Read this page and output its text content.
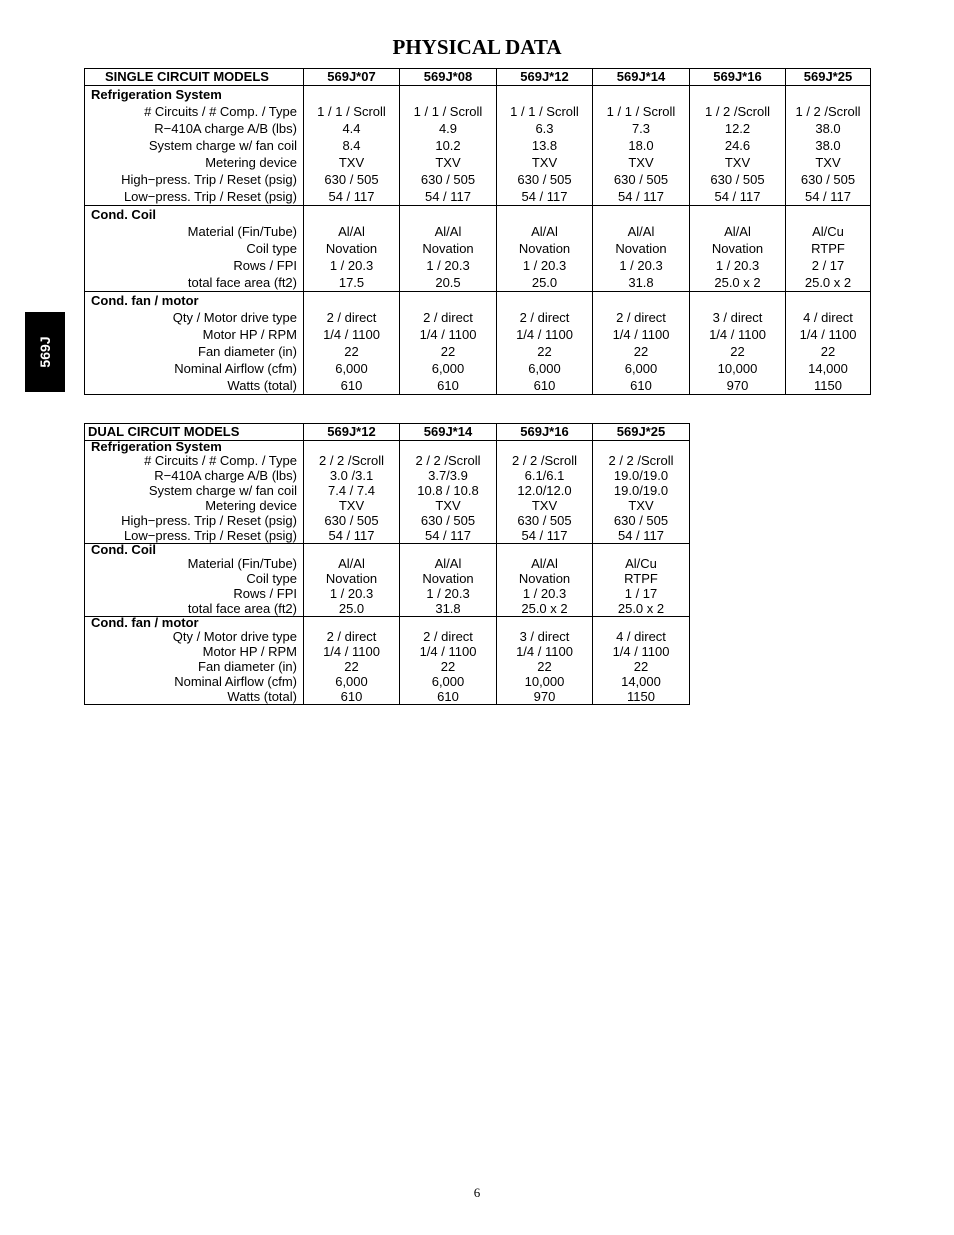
PHYSICAL DATA
569J
SINGLE CIRCUIT MODELS	569J*07	569J*08	569J*12	569J*14	569J*16	569J*25
Refrigeration System						
# Circuits / # Comp. / Type	1 / 1 / Scroll	1 / 1 / Scroll	1 / 1 / Scroll	1 / 1 / Scroll	1 / 2 /Scroll	1 / 2 /Scroll
R−410A charge A/B (lbs)	4.4	4.9	6.3	7.3	12.2	38.0
System charge w/ fan coil	8.4	10.2	13.8	18.0	24.6	38.0
Metering device	TXV	TXV	TXV	TXV	TXV	TXV
High−press. Trip / Reset (psig)	630 / 505	630 / 505	630 / 505	630 / 505	630 / 505	630 / 505
Low−press. Trip / Reset (psig)	54 / 117	54 / 117	54 / 117	54 / 117	54 / 117	54 / 117
Cond. Coil						
Material (Fin/Tube)	Al/Al	Al/Al	Al/Al	Al/Al	Al/Al	Al/Cu
Coil type	Novation	Novation	Novation	Novation	Novation	RTPF
Rows / FPI	1 / 20.3	1 / 20.3	1 / 20.3	1 / 20.3	1 / 20.3	2 / 17
total face area (ft2)	17.5	20.5	25.0	31.8	25.0 x 2	25.0 x 2
Cond. fan / motor						
Qty / Motor drive type	2 / direct	2 / direct	2 / direct	2 / direct	3 / direct	4 / direct
Motor HP / RPM	1/4 / 1100	1/4 / 1100	1/4 / 1100	1/4 / 1100	1/4 / 1100	1/4 / 1100
Fan diameter (in)	22	22	22	22	22	22
Nominal Airflow (cfm)	6,000	6,000	6,000	6,000	10,000	14,000
Watts (total)	610	610	610	610	970	1150
DUAL CIRCUIT MODELS	569J*12	569J*14	569J*16	569J*25
Refrigeration System				
# Circuits / # Comp. / Type	2 / 2 /Scroll	2 / 2 /Scroll	2 / 2 /Scroll	2 / 2 /Scroll
R−410A charge A/B (lbs)	3.0 /3.1	3.7/3.9	6.1/6.1	19.0/19.0
System charge w/ fan coil	7.4 / 7.4	10.8 / 10.8	12.0/12.0	19.0/19.0
Metering device	TXV	TXV	TXV	TXV
High−press. Trip / Reset (psig)	630 / 505	630 / 505	630 / 505	630 / 505
Low−press. Trip / Reset (psig)	54 / 117	54 / 117	54 / 117	54 / 117
Cond. Coil				
Material (Fin/Tube)	Al/Al	Al/Al	Al/Al	Al/Cu
Coil type	Novation	Novation	Novation	RTPF
Rows / FPI	1 / 20.3	1 / 20.3	1 / 20.3	1 / 17
total face area (ft2)	25.0	31.8	25.0 x 2	25.0 x 2
Cond. fan / motor				
Qty / Motor drive type	2 / direct	2 / direct	3 / direct	4 / direct
Motor HP / RPM	1/4 / 1100	1/4 / 1100	1/4 / 1100	1/4 / 1100
Fan diameter (in)	22	22	22	22
Nominal Airflow (cfm)	6,000	6,000	10,000	14,000
Watts (total)	610	610	970	1150
6
